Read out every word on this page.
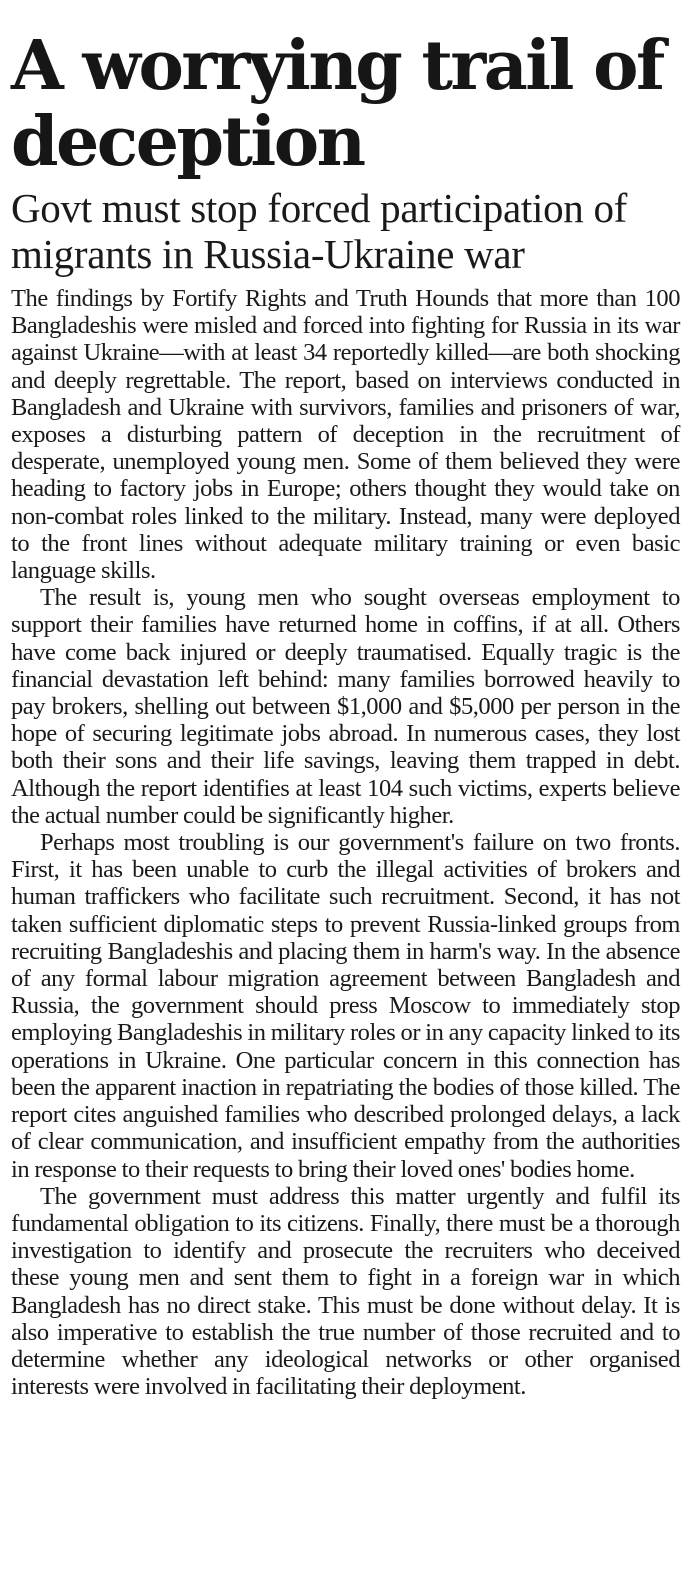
A worrying trail of deception
Govt must stop forced participation of migrants in Russia-Ukraine war

The findings by Fortify Rights and Truth Hounds that more than 100 Bangladeshis were misled and forced into fighting for Russia in its war against Ukraine—with at least 34 reportedly killed—are both shocking and deeply regrettable. The report, based on interviews conducted in Bangladesh and Ukraine with survivors, families and prisoners of war, exposes a disturbing pattern of deception in the recruitment of desperate, unemployed young men. Some of them believed they were heading to factory jobs in Europe; others thought they would take on non-combat roles linked to the military. Instead, many were deployed to the front lines without adequate military training or even basic language skills.

The result is, young men who sought overseas employment to support their families have returned home in coffins, if at all. Others have come back injured or deeply traumatised. Equally tragic is the financial devastation left behind: many families borrowed heavily to pay brokers, shelling out between $1,000 and $5,000 per person in the hope of securing legitimate jobs abroad. In numerous cases, they lost both their sons and their life savings, leaving them trapped in debt. Although the report identifies at least 104 such victims, experts believe the actual number could be significantly higher.

Perhaps most troubling is our government's failure on two fronts. First, it has been unable to curb the illegal activities of brokers and human traffickers who facilitate such recruitment. Second, it has not taken sufficient diplomatic steps to prevent Russia-linked groups from recruiting Bangladeshis and placing them in harm's way. In the absence of any formal labour migration agreement between Bangladesh and Russia, the government should press Moscow to immediately stop employing Bangladeshis in military roles or in any capacity linked to its operations in Ukraine. One particular concern in this connection has been the apparent inaction in repatriating the bodies of those killed. The report cites anguished families who described prolonged delays, a lack of clear communication, and insufficient empathy from the authorities in response to their requests to bring their loved ones' bodies home.

The government must address this matter urgently and fulfil its fundamental obligation to its citizens. Finally, there must be a thorough investigation to identify and prosecute the recruiters who deceived these young men and sent them to fight in a foreign war in which Bangladesh has no direct stake. This must be done without delay. It is also imperative to establish the true number of those recruited and to determine whether any ideological networks or other organised interests were involved in facilitating their deployment.
